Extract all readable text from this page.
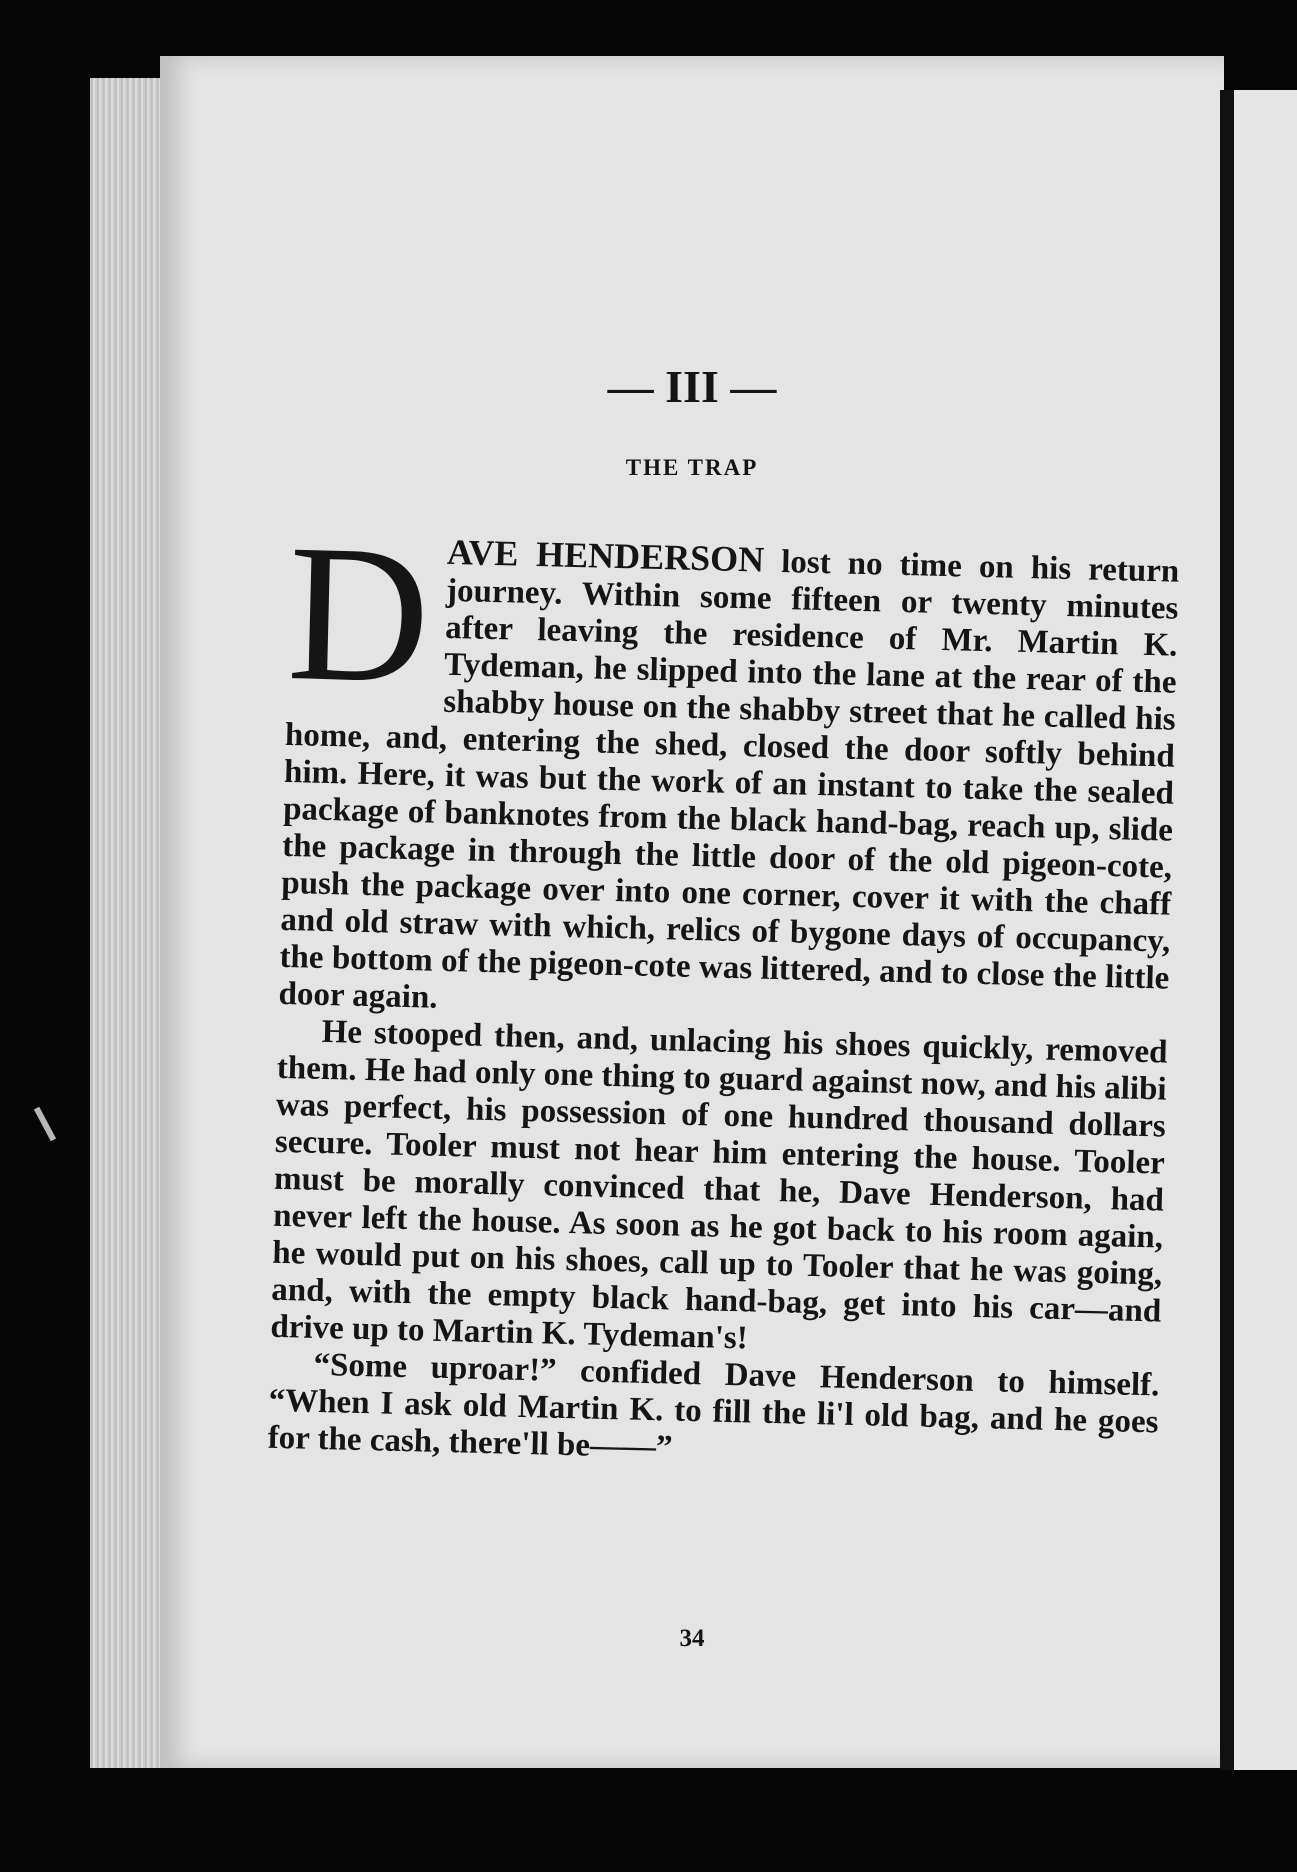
— III —
THE TRAP

DAVE HENDERSON lost no time on his return journey. Within some fifteen or twenty minutes after leaving the residence of Mr. Martin K. Tydeman, he slipped into the lane at the rear of the shabby house on the shabby street that he called his home, and, entering the shed, closed the door softly behind him. Here, it was but the work of an instant to take the sealed package of banknotes from the black hand-bag, reach up, slide the package in through the little door of the old pigeon-cote, push the package over into one corner, cover it with the chaff and old straw with which, relics of bygone days of occupancy, the bottom of the pigeon-cote was littered, and to close the little door again.

He stooped then, and, unlacing his shoes quickly, removed them. He had only one thing to guard against now, and his alibi was perfect, his possession of one hundred thousand dollars secure. Tooler must not hear him entering the house. Tooler must be morally convinced that he, Dave Henderson, had never left the house. As soon as he got back to his room again, he would put on his shoes, call up to Tooler that he was going, and, with the empty black hand-bag, get into his car—and drive up to Martin K. Tydeman's!

“Some uproar!” confided Dave Henderson to himself. “When I ask old Martin K. to fill the li'l old bag, and he goes for the cash, there'll be——”

34
